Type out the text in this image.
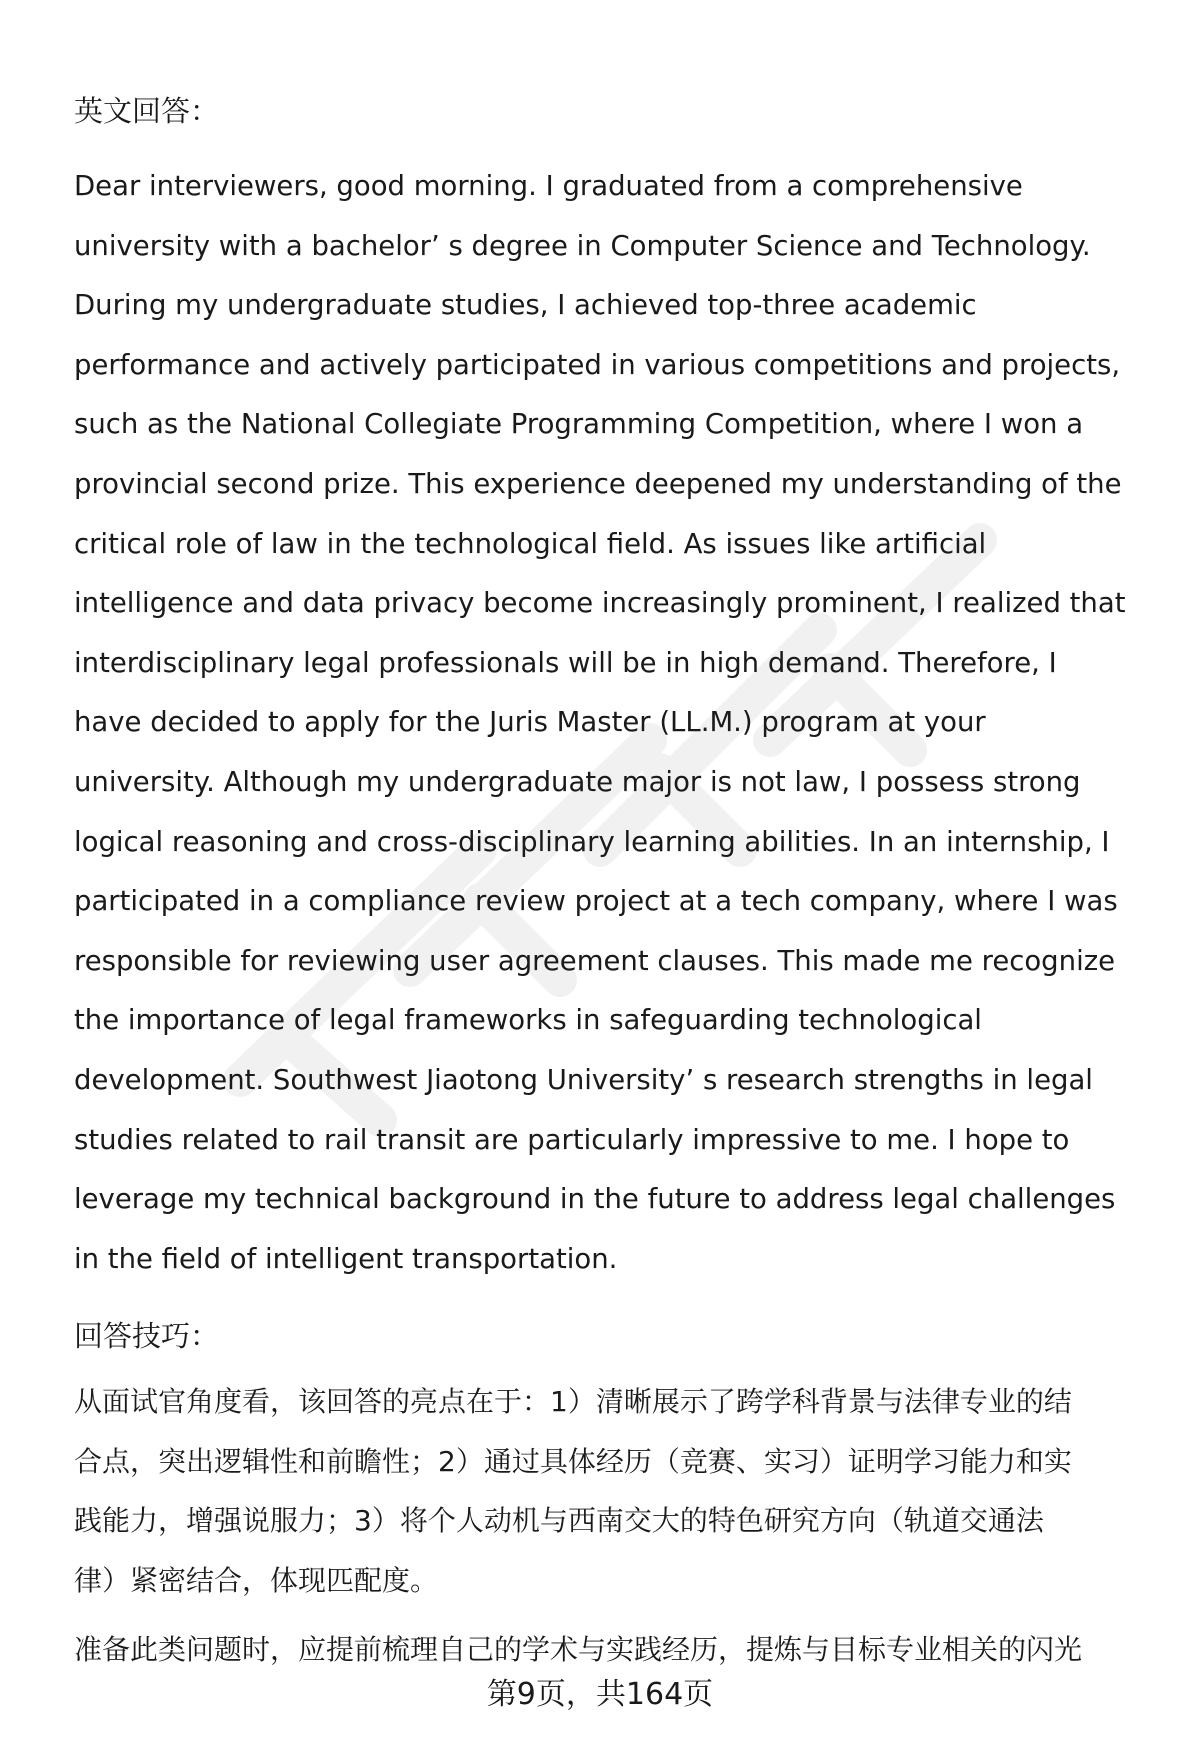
英文回答：
Dear interviewers, good morning. I graduated from a comprehensive
university with a bachelor’ s degree in Computer Science and Technology.
During my undergraduate studies, I achieved top-three academic
performance and actively participated in various competitions and projects,
such as the National Collegiate Programming Competition, where I won a
provincial second prize. This experience deepened my understanding of the
critical role of law in the technological field. As issues like artificial
intelligence and data privacy become increasingly prominent, I realized that
interdisciplinary legal professionals will be in high demand. Therefore, I
have decided to apply for the Juris Master (LL.M.) program at your
university. Although my undergraduate major is not law, I possess strong
logical reasoning and cross-disciplinary learning abilities. In an internship, I
participated in a compliance review project at a tech company, where I was
responsible for reviewing user agreement clauses. This made me recognize
the importance of legal frameworks in safeguarding technological
development. Southwest Jiaotong University’ s research strengths in legal
studies related to rail transit are particularly impressive to me. I hope to
leverage my technical background in the future to address legal challenges
in the field of intelligent transportation.
回答技巧：
从面试官角度看，该回答的亮点在于：1）清晰展示了跨学科背景与法律专业的结
合点，突出逻辑性和前瞻性；2）通过具体经历（竞赛、实习）证明学习能力和实
践能力，增强说服力；3）将个人动机与西南交大的特色研究方向（轨道交通法
律）紧密结合，体现匹配度。
准备此类问题时，应提前梳理自己的学术与实践经历，提炼与目标专业相关的闪光
第9页，共164页
